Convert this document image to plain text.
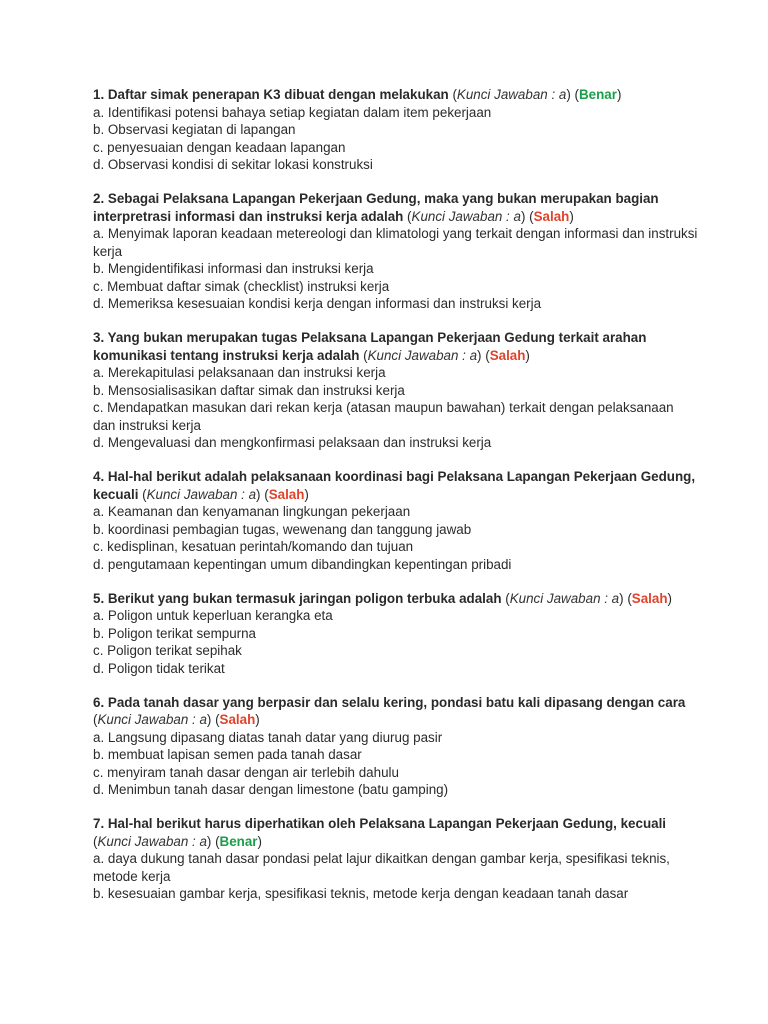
1. Daftar simak penerapan K3 dibuat dengan melakukan (Kunci Jawaban : a) (Benar)
a. Identifikasi potensi bahaya setiap kegiatan dalam item pekerjaan
b. Observasi kegiatan di lapangan
c. penyesuaian dengan keadaan lapangan
d. Observasi kondisi di sekitar lokasi konstruksi
2. Sebagai Pelaksana Lapangan Pekerjaan Gedung, maka yang bukan merupakan bagian interpretrasi informasi dan instruksi kerja adalah (Kunci Jawaban : a) (Salah)
a. Menyimak laporan keadaan metereologi dan klimatologi yang terkait dengan informasi dan instruksi kerja
b. Mengidentifikasi informasi dan instruksi kerja
c. Membuat daftar simak (checklist) instruksi kerja
d. Memeriksa kesesuaian kondisi kerja dengan informasi dan instruksi kerja
3. Yang bukan merupakan tugas Pelaksana Lapangan Pekerjaan Gedung terkait arahan komunikasi tentang instruksi kerja adalah (Kunci Jawaban : a) (Salah)
a. Merekapitulasi pelaksanaan dan instruksi kerja
b. Mensosialisasikan daftar simak dan instruksi kerja
c. Mendapatkan masukan dari rekan kerja (atasan maupun bawahan) terkait dengan pelaksanaan dan instruksi kerja
d. Mengevaluasi dan mengkonfirmasi pelaksaan dan instruksi kerja
4. Hal-hal berikut adalah pelaksanaan koordinasi bagi Pelaksana Lapangan Pekerjaan Gedung, kecuali (Kunci Jawaban : a) (Salah)
a. Keamanan dan kenyamanan lingkungan pekerjaan
b. koordinasi pembagian tugas, wewenang dan tanggung jawab
c. kedisplinan, kesatuan perintah/komando dan tujuan
d. pengutamaan kepentingan umum dibandingkan kepentingan pribadi
5. Berikut yang bukan termasuk jaringan poligon terbuka adalah (Kunci Jawaban : a) (Salah)
a. Poligon untuk keperluan kerangka eta
b. Poligon terikat sempurna
c. Poligon terikat sepihak
d. Poligon tidak terikat
6. Pada tanah dasar yang berpasir dan selalu kering, pondasi batu kali dipasang dengan cara (Kunci Jawaban : a) (Salah)
a. Langsung dipasang diatas tanah datar yang diurug pasir
b. membuat lapisan semen pada tanah dasar
c. menyiram tanah dasar dengan air terlebih dahulu
d. Menimbun tanah dasar dengan limestone (batu gamping)
7. Hal-hal berikut harus diperhatikan oleh Pelaksana Lapangan Pekerjaan Gedung, kecuali (Kunci Jawaban : a) (Benar)
a. daya dukung tanah dasar pondasi pelat lajur dikaitkan dengan gambar kerja, spesifikasi teknis, metode kerja
b. kesesuaian gambar kerja, spesifikasi teknis, metode kerja dengan keadaan tanah dasar
